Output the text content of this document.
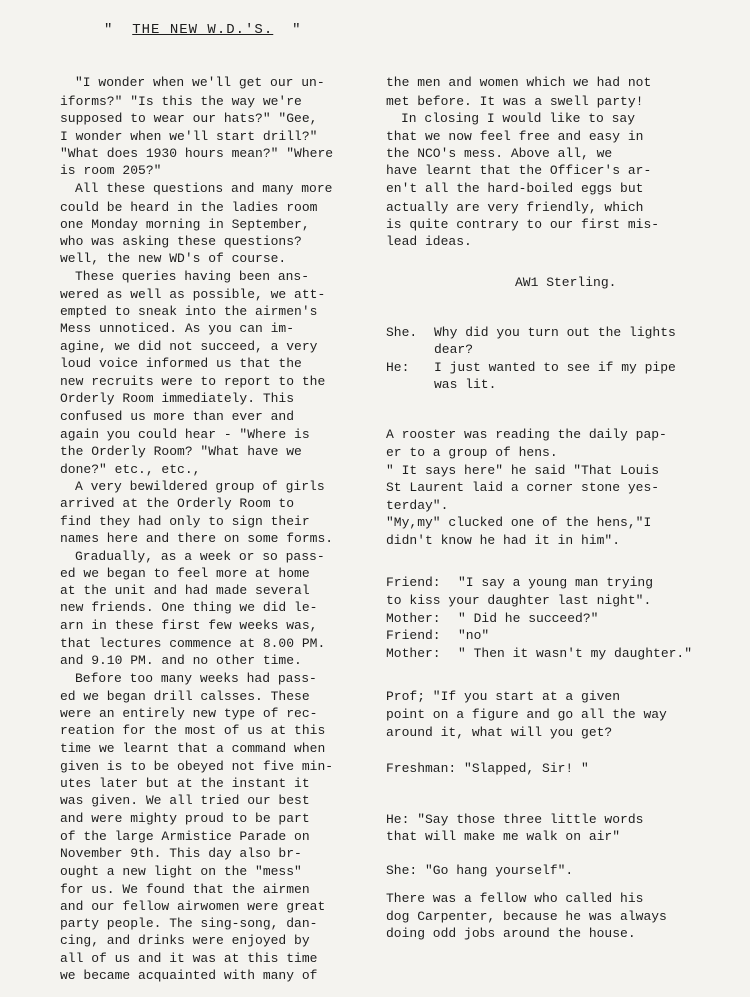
" THE NEW W.D.'S. "
"I wonder when we'll get our un-
iforms?" "Is this the way we're
supposed to wear our hats?" "Gee,
I wonder when we'll start drill?"
"What does 1930 hours mean?" "Where
is room 205?"
All these questions and many more
could be heard in the ladies room
one Monday morning in September,
who was asking these questions?
well, the new WD's of course.
These queries having been ans-
wered as well as possible, we att-
empted to sneak into the airmen's
Mess unnoticed. As you can im-
agine, we did not succeed, a very
loud voice informed us that the
new recruits were to report to the
Orderly Room immediately. This
confused us more than ever and
again you could hear - "Where is
the Orderly Room? "What have we
done?" etc., etc.,
A very bewildered group of girls
arrived at the Orderly Room to
find they had only to sign their
names here and there on some forms.
Gradually, as a week or so pass-
ed we began to feel more at home
at the unit and had made several
new friends. One thing we did le-
arn in these first few weeks was,
that lectures commence at 8.00 PM.
and 9.10 PM. and no other time.
Before too many weeks had pass-
ed we began drill calsses. These
were an entirely new type of rec-
reation for the most of us at this
time we learnt that a command when
given is to be obeyed not five min-
utes later but at the instant it
was given. We all tried our best
and were mighty proud to be part
of the large Armistice Parade on
November 9th. This day also br-
ought a new light on the "mess"
for us. We found that the airmen
and our fellow airwomen were great
party people. The sing-song, dan-
cing, and drinks were enjoyed by
all of us and it was at this time
we became acquainted with many of
the men and women which we had not
met before. It was a swell party!
In closing I would like to say
that we now feel free and easy in
the NCO's mess. Above all, we
have learnt that the Officer's ar-
en't all the hard-boiled eggs but
actually are very friendly, which
is quite contrary to our first mis-
lead ideas.
AW1 Sterling.
She. Why did you turn out the lights
dear?
He: I just wanted to see if my pipe
was lit.
A rooster was reading the daily pap-
er to a group of hens.
" It says here" he said "That Louis
St Laurent laid a corner stone yes-
terday".
"My,my" clucked one of the hens,"I
didn't know he had it in him".
Friend: "I say a young man trying
to kiss your daughter last night".
Mother: " Did he succeed?"
Friend: "no"
Mother: " Then it wasn't my daughter."
Prof; "If you start at a given
point on a figure and go all the way
around it, what will you get?
Freshman: "Slapped, Sir! "
He: "Say those three little words
that will make me walk on air"
She: "Go hang yourself".
There was a fellow who called his
dog Carpenter, because he was always
doing odd jobs around the house.
